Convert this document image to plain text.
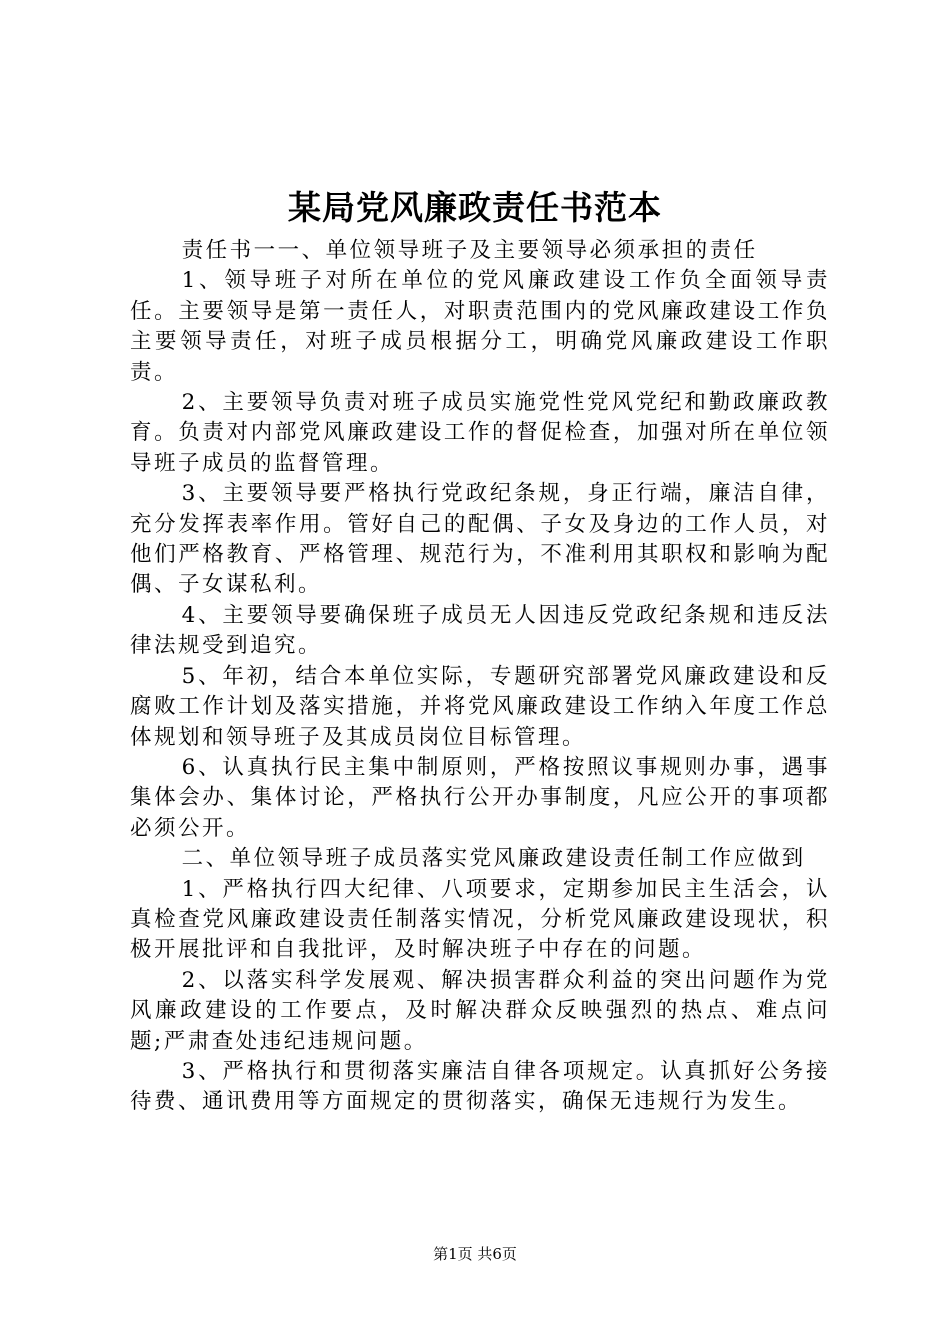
某局党风廉政责任书范本

责任书一一、单位领导班子及主要领导必须承担的责任

1、领导班子对所在单位的党风廉政建设工作负全面领导责任。主要领导是第一责任人，对职责范围内的党风廉政建设工作负主要领导责任，对班子成员根据分工，明确党风廉政建设工作职责。

2、主要领导负责对班子成员实施党性党风党纪和勤政廉政教育。负责对内部党风廉政建设工作的督促检查，加强对所在单位领导班子成员的监督管理。

3、主要领导要严格执行党政纪条规，身正行端，廉洁自律，充分发挥表率作用。管好自己的配偶、子女及身边的工作人员，对他们严格教育、严格管理、规范行为，不准利用其职权和影响为配偶、子女谋私利。

4、主要领导要确保班子成员无人因违反党政纪条规和违反法律法规受到追究。

5、年初，结合本单位实际，专题研究部署党风廉政建设和反腐败工作计划及落实措施，并将党风廉政建设工作纳入年度工作总体规划和领导班子及其成员岗位目标管理。

6、认真执行民主集中制原则，严格按照议事规则办事，遇事集体会办、集体讨论，严格执行公开办事制度，凡应公开的事项都必须公开。

二、单位领导班子成员落实党风廉政建设责任制工作应做到

1、严格执行四大纪律、八项要求，定期参加民主生活会，认真检查党风廉政建设责任制落实情况，分析党风廉政建设现状，积极开展批评和自我批评，及时解决班子中存在的问题。

2、以落实科学发展观、解决损害群众利益的突出问题作为党风廉政建设的工作要点，及时解决群众反映强烈的热点、难点问题;严肃查处违纪违规问题。

3、严格执行和贯彻落实廉洁自律各项规定。认真抓好公务接待费、通讯费用等方面规定的贯彻落实，确保无违规行为发生。

第1页 共6页
